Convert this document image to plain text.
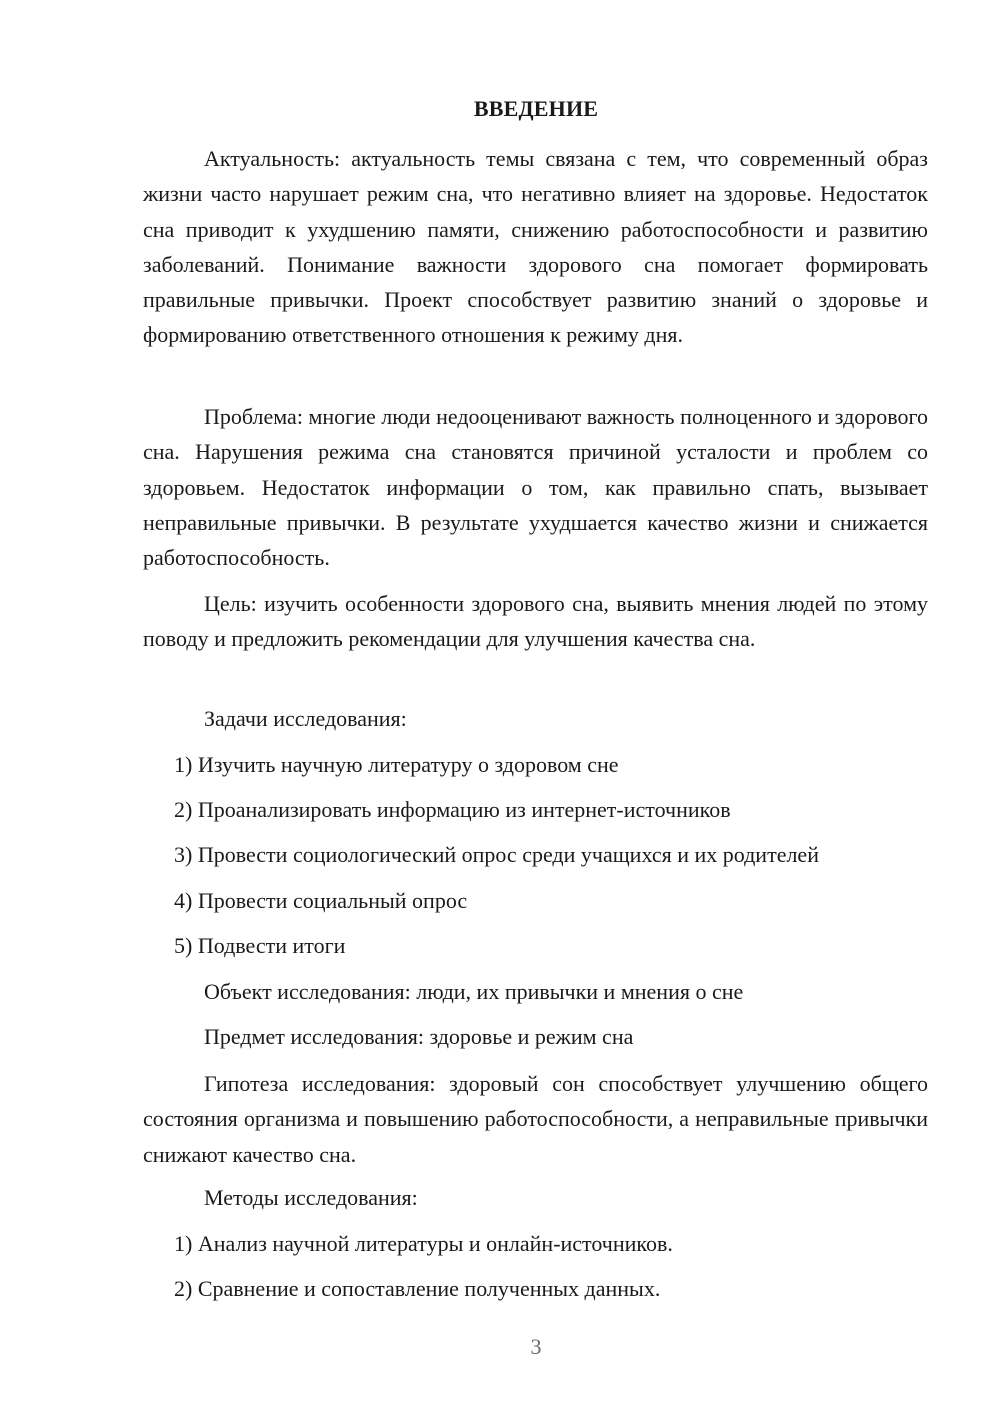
ВВЕДЕНИЕ

Актуальность: актуальность темы связана с тем, что современный образ жизни часто нарушает режим сна, что негативно влияет на здоровье. Недостаток сна приводит к ухудшению памяти, снижению работоспособности и развитию заболеваний. Понимание важности здорового сна помогает формировать правильные привычки. Проект способствует развитию знаний о здоровье и формированию ответственного отношения к режиму дня.

Проблема: многие люди недооценивают важность полноценного и здорового сна. Нарушения режима сна становятся причиной усталости и проблем со здоровьем. Недостаток информации о том, как правильно спать, вызывает неправильные привычки. В результате ухудшается качество жизни и снижается работоспособность.

Цель: изучить особенности здорового сна, выявить мнения людей по этому поводу и предложить рекомендации для улучшения качества сна.

Задачи исследования:
1) Изучить научную литературу о здоровом сне
2) Проанализировать информацию из интернет-источников
3) Провести социологический опрос среди учащихся и их родителей
4) Провести социальный опрос
5) Подвести итоги
Объект исследования: люди, их привычки и мнения о сне
Предмет исследования: здоровье и режим сна

Гипотеза исследования: здоровый сон способствует улучшению общего состояния организма и повышению работоспособности, а неправильные привычки снижают качество сна.

Методы исследования:
1) Анализ научной литературы и онлайн-источников.
2) Сравнение и сопоставление полученных данных.
3
